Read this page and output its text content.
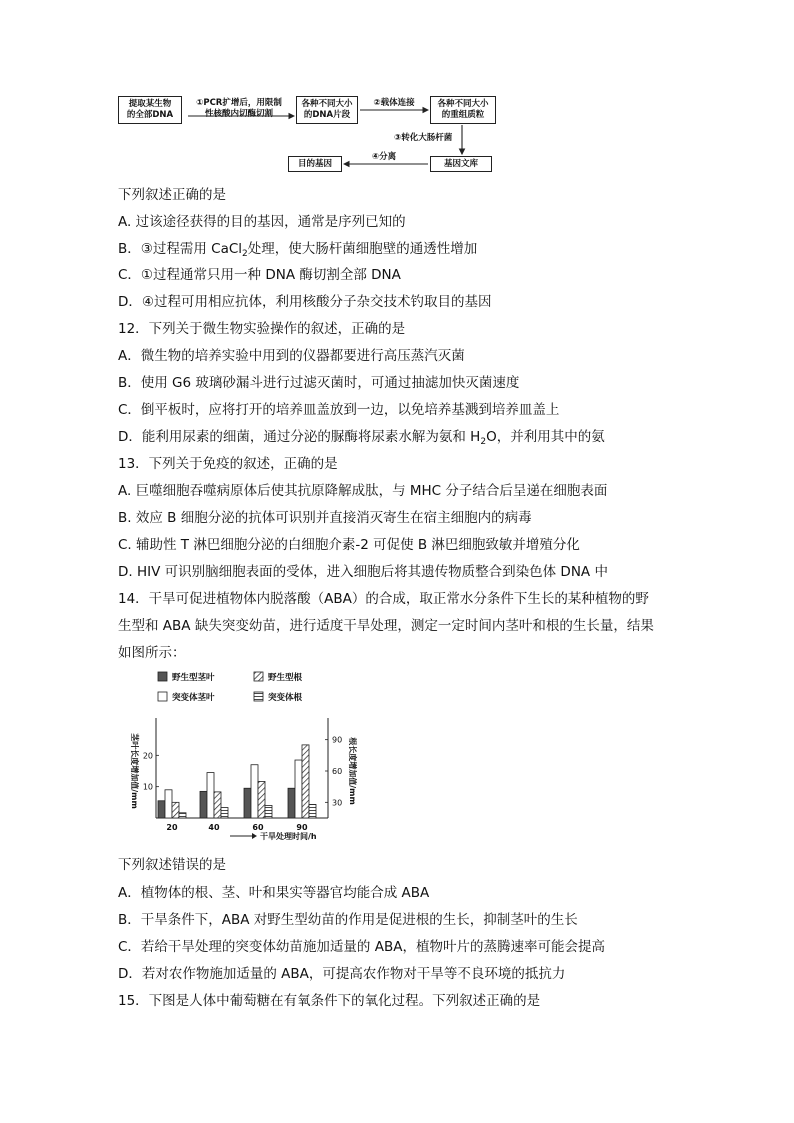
提取某生物
的全部DNA
①PCR扩增后，用限制
性核酸内切酶切割
各种不同大小
的DNA片段
②载体连接	各种不同大小
的重组质粒
③转化大肠杆菌
基因文库
④分离
目的基因
下列叙述正确的是
A. 过该途径获得的目的基因，通常是序列已知的
B．③过程需用 CaCl$_2$处理，使大肠杆菌细胞壁的通透性增加
C．①过程通常只用一种 DNA 酶切割全部 DNA
D．④过程可用相应抗体，利用核酸分子杂交技术钓取目的基因
12．下列关于微生物实验操作的叙述，正确的是
A．微生物的培养实验中用到的仪器都要进行高压蒸汽灭菌
B．使用 G6 玻璃砂漏斗进行过滤灭菌时，可通过抽滤加快灭菌速度
C．倒平板时，应将打开的培养皿盖放到一边，以免培养基溅到培养皿盖上
D．能利用尿素的细菌，通过分泌的脲酶将尿素水解为氨和 $H_2O$，并利用其中的氨
13．下列关于免疫的叙述，正确的是
A. 巨噬细胞吞噬病原体后使其抗原降解成肽，与 MHC 分子结合后呈递在细胞表面
B. 效应 B 细胞分泌的抗体可识别并直接消灭寄生在宿主细胞内的病毒
C. 辅助性 T 淋巴细胞分泌的白细胞介素-2 可促使 B 淋巴细胞致敏并增殖分化
D. HIV 可识别脑细胞表面的受体，进入细胞后将其遗传物质整合到染色体 DNA 中
14．干旱可促进植物体内脱落酸（ABA）的合成，取正常水分条件下生长的某种植物的野
生型和 ABA 缺失突变幼苗，进行适度干旱处理，测定一定时间内茎叶和根的生长量，结果
如图所示：
下列叙述错误的是
A．植物体的根、茎、叶和果实等器官均能合成 ABA
B．干旱条件下，ABA 对野生型幼苗的作用是促进根的生长，抑制茎叶的生长
C．若给干旱处理的突变体幼苗施加适量的 ABA，植物叶片的蒸腾速率可能会提高
D．若对农作物施加适量的 ABA，可提高农作物对干旱等不良环境的抵抗力
15．下图是人体中葡萄糖在有氧条件下的氧化过程。下列叙述正确的是
野生型茎叶	野生型根
突变体茎叶	突变体根
10
20
30
60
90
茎叶长度增加值/mm	根长度增加值/mm
20	40	60	90
干旱处理时间/h
